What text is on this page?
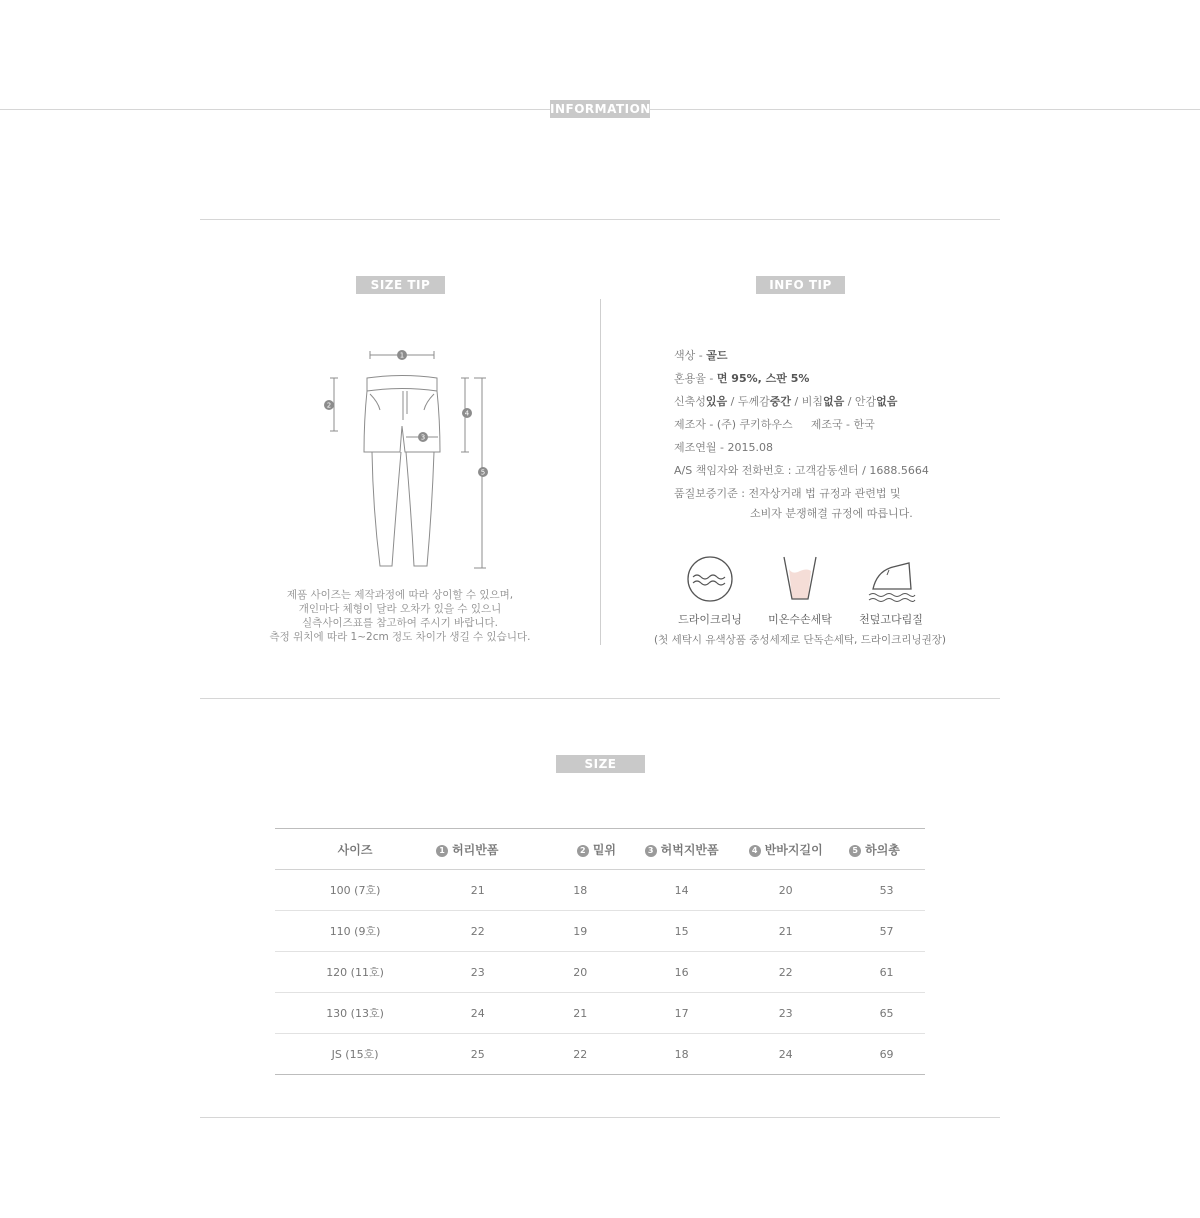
INFORMATION
SIZE TIP	INFO TIP
1
2
3
4
5
제품 사이즈는 제작과정에 따라 상이할 수 있으며,
개인마다 체형이 달라 오차가 있을 수 있으니
실측사이즈표를 참고하여 주시기 바랍니다.
측정 위치에 따라 1~2cm 정도 차이가 생길 수 있습니다.
색상 - 골드
혼용율 - 면 95%, 스판 5%
신축성있음 / 두께감중간 / 비침없음 / 안감없음
제조자 - (주) 쿠키하우스 제조국 - 한국
제조연월 - 2015.08
A/S 책임자와 전화번호 : 고객감동센터 / 1688.5664
품질보증기준 : 전자상거래 법 규정과 관련법 및
소비자 분쟁해결 규정에 따릅니다.
드라이크리닝	미온수손세탁	천덮고다림질
(첫 세탁시 유색상품 중성세제로 단독손세탁, 드라이크리닝권장)
SIZE
사이즈	1 허리반폼	2 밑위	3 허벅지반폼	4 반바지길이	5 하의총
100 (7호)	21	18	14	20	53
110 (9호)	22	19	15	21	57
120 (11호)	23	20	16	22	61
130 (13호)	24	21	17	23	65
JS (15호)	25	22	18	24	69
